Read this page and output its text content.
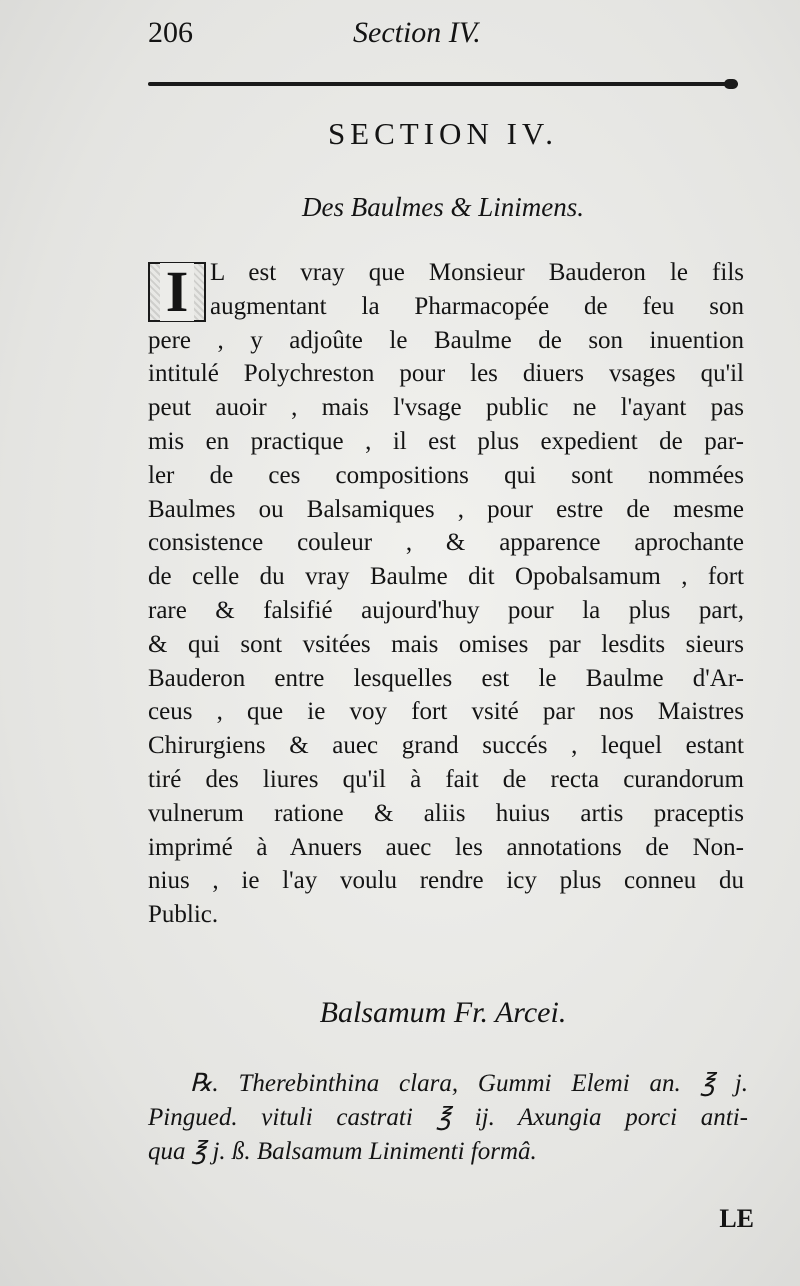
206	Section IV.
SECTION IV.
Des Baulmes & Linimens.
I L est vray que Monsieur Bauderon le fils
augmentant la Pharmacopée de feu son
pere , y adjoûte le Baulme de son inuention
intitulé Polychreston pour les diuers vsages qu'il
peut auoir , mais l'vsage public ne l'ayant pas
mis en practique , il est plus expedient de par-
ler de ces compositions qui sont nommées
Baulmes ou Balsamiques , pour estre de mesme
consistence couleur , & apparence aprochante
de celle du vray Baulme dit Opobalsamum , fort
rare & falsifié aujourd'huy pour la plus part,
& qui sont vsitées mais omises par lesdits sieurs
Bauderon entre lesquelles est le Baulme d'Ar-
ceus , que ie voy fort vsité par nos Maistres
Chirurgiens & auec grand succés , lequel estant
tiré des liures qu'il à fait de recta curandorum
vulnerum ratione & aliis huius artis praceptis
imprimé à Anuers auec les annotations de Non-
nius , ie l'ay voulu rendre icy plus conneu du
Public.
Balsamum Fr. Arcei.
℞. Therebinthina clara, Gummi Elemi an. ℥ j.
Pingued. vituli castrati ℥ ij. Axungia porci anti-
qua ℥ j. ß. Balsamum Linimenti formâ.
LE
